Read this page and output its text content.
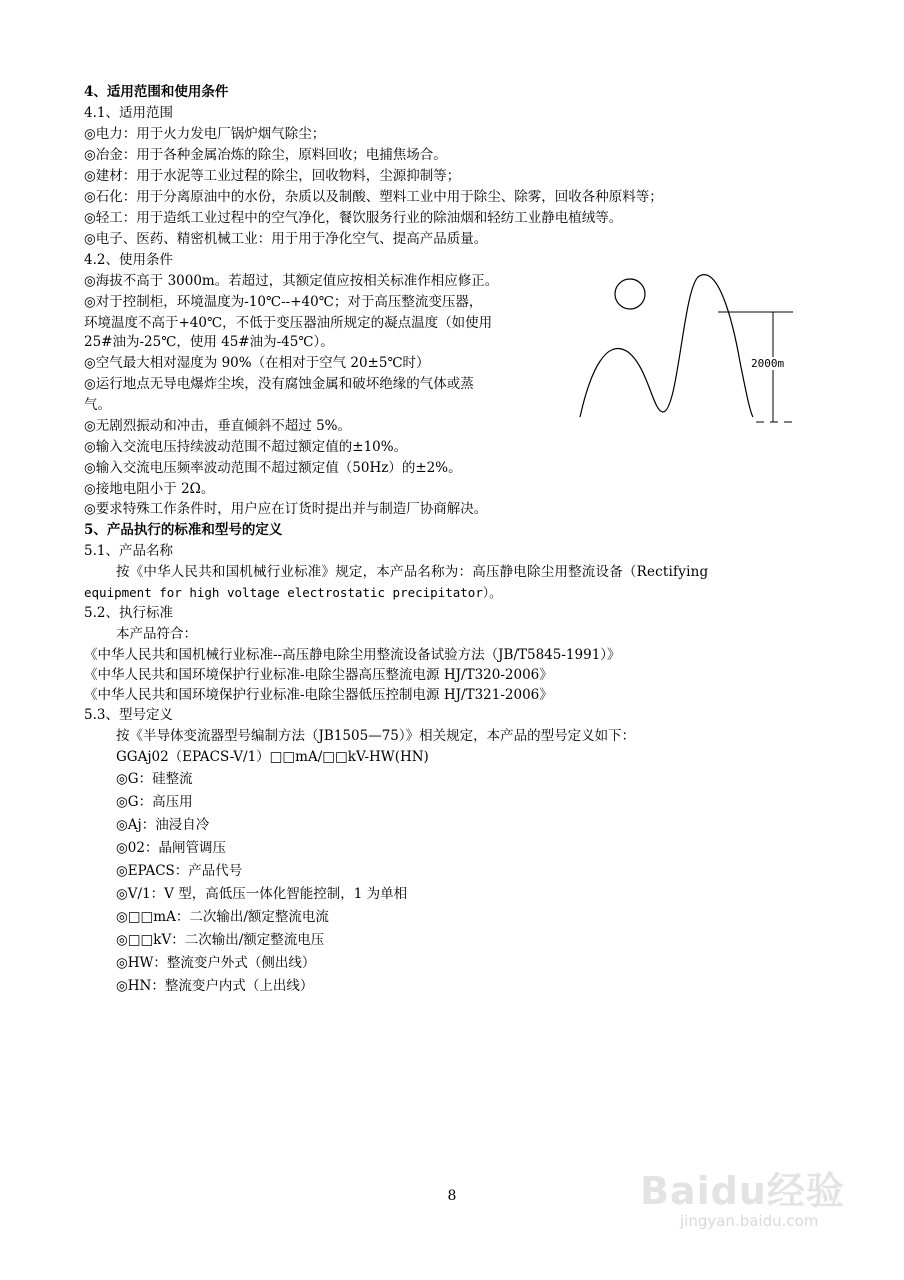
4、适用范围和使用条件
4.1、适用范围
◎电力：用于火力发电厂锅炉烟气除尘；
◎冶金：用于各种金属冶炼的除尘，原料回收；电捕焦场合。
◎建材：用于水泥等工业过程的除尘，回收物料，尘源抑制等；
◎石化：用于分离原油中的水份，杂质以及制酸、塑料工业中用于除尘、除雾，回收各种原料等；
◎轻工：用于造纸工业过程中的空气净化，餐饮服务行业的除油烟和轻纺工业静电植绒等。
◎电子、医药、精密机械工业：用于用于净化空气、提高产品质量。
4.2、使用条件
◎海拔不高于 3000m。若超过，其额定值应按相关标准作相应修正。
◎对于控制柜，环境温度为-10℃--+40℃；对于高压整流变压器，
环境温度不高于+40℃，不低于变压器油所规定的凝点温度（如使用
25#油为-25℃，使用 45#油为-45℃）。
◎空气最大相对湿度为 90%（在相对于空气 20±5℃时）
◎运行地点无导电爆炸尘埃，没有腐蚀金属和破坏绝缘的气体或蒸
气。
◎无剧烈振动和冲击，垂直倾斜不超过 5%。
◎输入交流电压持续波动范围不超过额定值的±10%。
◎输入交流电压频率波动范围不超过额定值（50Hz）的±2%。
◎接地电阻小于 2Ω。
◎要求特殊工作条件时，用户应在订货时提出并与制造厂协商解决。
2000m
5、产品执行的标准和型号的定义
5.1、产品名称
按《中华人民共和国机械行业标准》规定，本产品名称为：高压静电除尘用整流设备（Rectifying
equipment for high voltage electrostatic precipitator）。
5.2、执行标准
本产品符合：
《中华人民共和国机械行业标准--高压静电除尘用整流设备试验方法（JB/T5845-1991）》
《中华人民共和国环境保护行业标准-电除尘器高压整流电源 HJ/T320-2006》
《中华人民共和国环境保护行业标准-电除尘器低压控制电源 HJ/T321-2006》
5.3、型号定义
按《半导体变流器型号编制方法（JB1505—75）》相关规定，本产品的型号定义如下：
GGAj02（EPACS-V/1）□□mA/□□kV-HW(HN)
◎G：硅整流
◎G：高压用
◎Aj：油浸自冷
◎02：晶闸管调压
◎EPACS：产品代号
◎V/1：V 型，高低压一体化智能控制，1 为单相
◎□□mA：二次输出/额定整流电流
◎□□kV：二次输出/额定整流电压
◎HW：整流变户外式（侧出线）
◎HN：整流变户内式（上出线）
8	Baidu经验
jingyan.baidu.com
